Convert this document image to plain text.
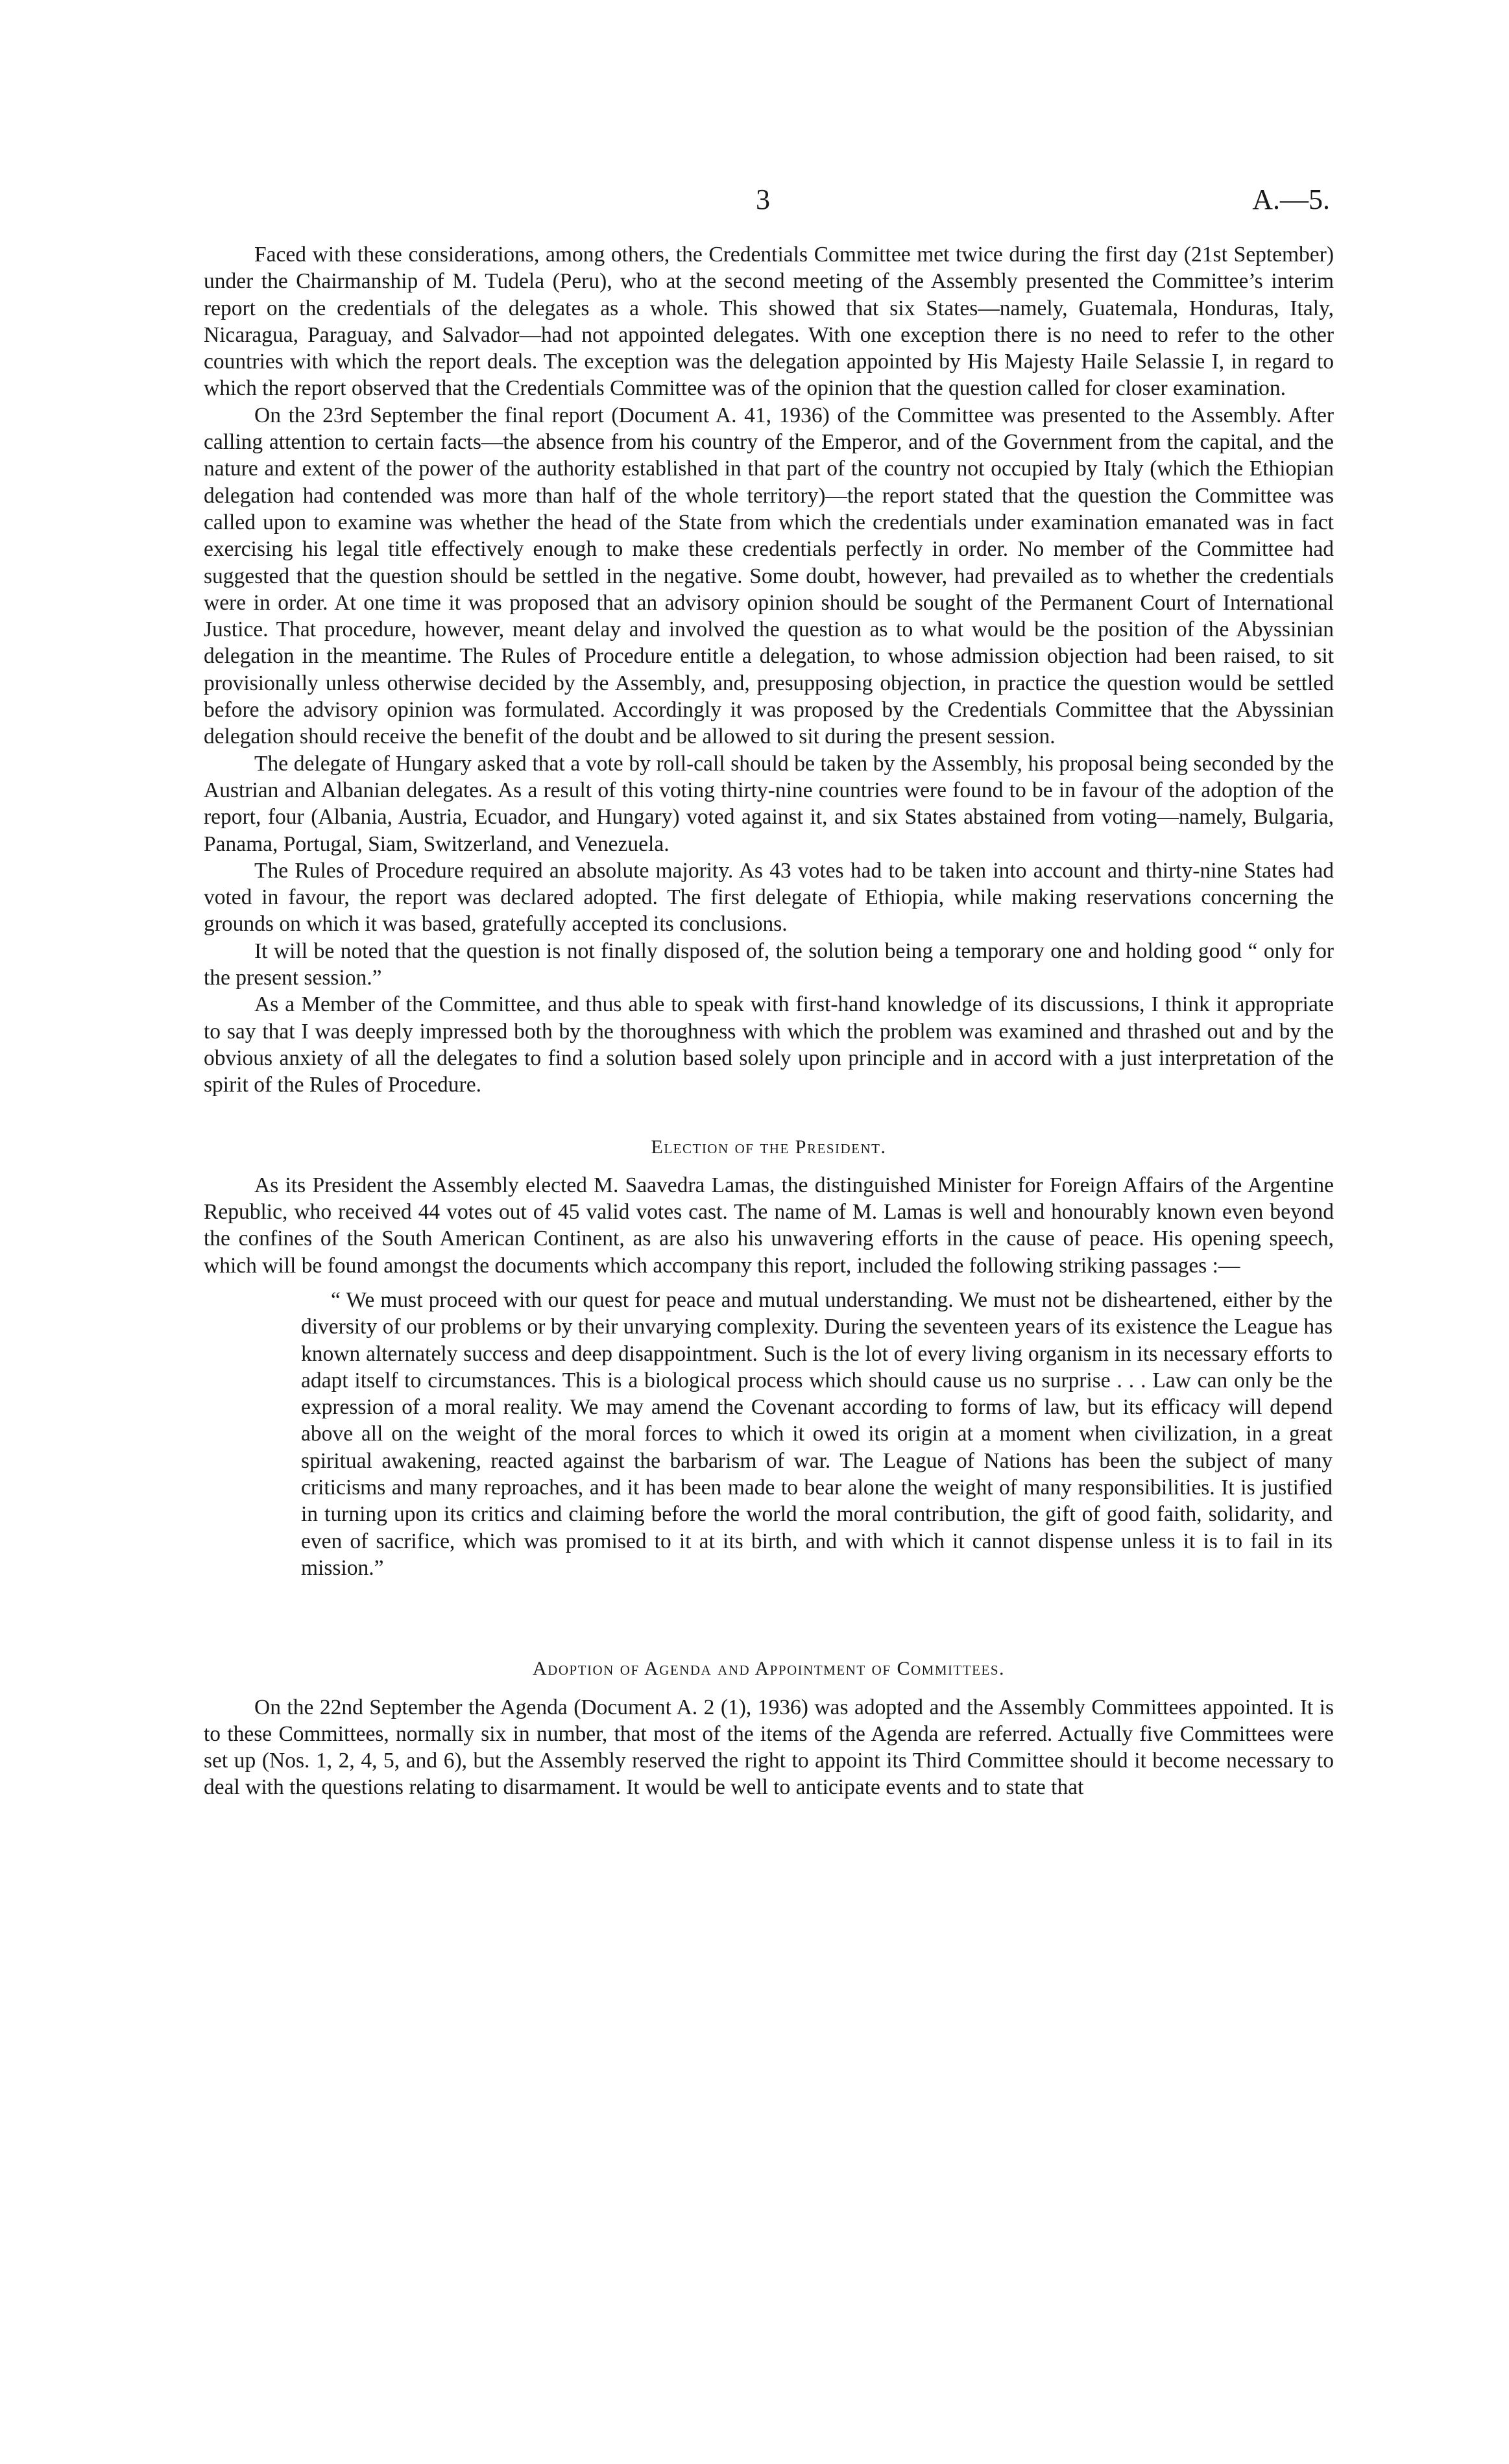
3	A.—5.

Faced with these considerations, among others, the Credentials Committee met twice during the first day (21st September) under the Chairmanship of M. Tudela (Peru), who at the second meeting of the Assembly presented the Committee’s interim report on the credentials of the delegates as a whole. This showed that six States—namely, Guatemala, Honduras, Italy, Nicaragua, Paraguay, and Salvador—had not appointed delegates. With one exception there is no need to refer to the other countries with which the report deals. The exception was the delegation appointed by His Majesty Haile Selassie I, in regard to which the report observed that the Credentials Committee was of the opinion that the question called for closer examination.

On the 23rd September the final report (Document A. 41, 1936) of the Committee was presented to the Assembly. After calling attention to certain facts—the absence from his country of the Emperor, and of the Government from the capital, and the nature and extent of the power of the authority established in that part of the country not occupied by Italy (which the Ethiopian delegation had contended was more than half of the whole territory)—the report stated that the question the Committee was called upon to examine was whether the head of the State from which the credentials under examination emanated was in fact exercising his legal title effectively enough to make these credentials perfectly in order. No member of the Committee had suggested that the question should be settled in the negative. Some doubt, however, had prevailed as to whether the credentials were in order. At one time it was proposed that an advisory opinion should be sought of the Permanent Court of International Justice. That procedure, however, meant delay and involved the question as to what would be the position of the Abyssinian delegation in the meantime. The Rules of Procedure entitle a delegation, to whose admission objection had been raised, to sit provisionally unless otherwise decided by the Assembly, and, presupposing objection, in practice the question would be settled before the advisory opinion was formulated. Accordingly it was proposed by the Credentials Committee that the Abyssinian delegation should receive the benefit of the doubt and be allowed to sit during the present session.

The delegate of Hungary asked that a vote by roll-call should be taken by the Assembly, his proposal being seconded by the Austrian and Albanian delegates. As a result of this voting thirty-nine countries were found to be in favour of the adoption of the report, four (Albania, Austria, Ecuador, and Hungary) voted against it, and six States abstained from voting—namely, Bulgaria, Panama, Portugal, Siam, Switzerland, and Venezuela.

The Rules of Procedure required an absolute majority. As 43 votes had to be taken into account and thirty-nine States had voted in favour, the report was declared adopted. The first delegate of Ethiopia, while making reservations concerning the grounds on which it was based, gratefully accepted its conclusions.

It will be noted that the question is not finally disposed of, the solution being a temporary one and holding good “ only for the present session.”

As a Member of the Committee, and thus able to speak with first-hand knowledge of its discussions, I think it appropriate to say that I was deeply impressed both by the thoroughness with which the problem was examined and thrashed out and by the obvious anxiety of all the delegates to find a solution based solely upon principle and in accord with a just interpretation of the spirit of the Rules of Procedure.

Election of the President.

As its President the Assembly elected M. Saavedra Lamas, the distinguished Minister for Foreign Affairs of the Argentine Republic, who received 44 votes out of 45 valid votes cast. The name of M. Lamas is well and honourably known even beyond the confines of the South American Continent, as are also his unwavering efforts in the cause of peace. His opening speech, which will be found amongst the documents which accompany this report, included the following striking passages :—

“ We must proceed with our quest for peace and mutual understanding. We must not be disheartened, either by the diversity of our problems or by their unvarying complexity. During the seventeen years of its existence the League has known alternately success and deep disappointment. Such is the lot of every living organism in its necessary efforts to adapt itself to circumstances. This is a biological process which should cause us no surprise . . . Law can only be the expression of a moral reality. We may amend the Covenant according to forms of law, but its efficacy will depend above all on the weight of the moral forces to which it owed its origin at a moment when civilization, in a great spiritual awakening, reacted against the barbarism of war. The League of Nations has been the subject of many criticisms and many reproaches, and it has been made to bear alone the weight of many responsibilities. It is justified in turning upon its critics and claiming before the world the moral contribution, the gift of good faith, solidarity, and even of sacrifice, which was promised to it at its birth, and with which it cannot dispense unless it is to fail in its mission.”

Adoption of Agenda and Appointment of Committees.

On the 22nd September the Agenda (Document A. 2 (1), 1936) was adopted and the Assembly Committees appointed. It is to these Committees, normally six in number, that most of the items of the Agenda are referred. Actually five Committees were set up (Nos. 1, 2, 4, 5, and 6), but the Assembly reserved the right to appoint its Third Committee should it become necessary to deal with the questions relating to disarmament. It would be well to anticipate events and to state that
